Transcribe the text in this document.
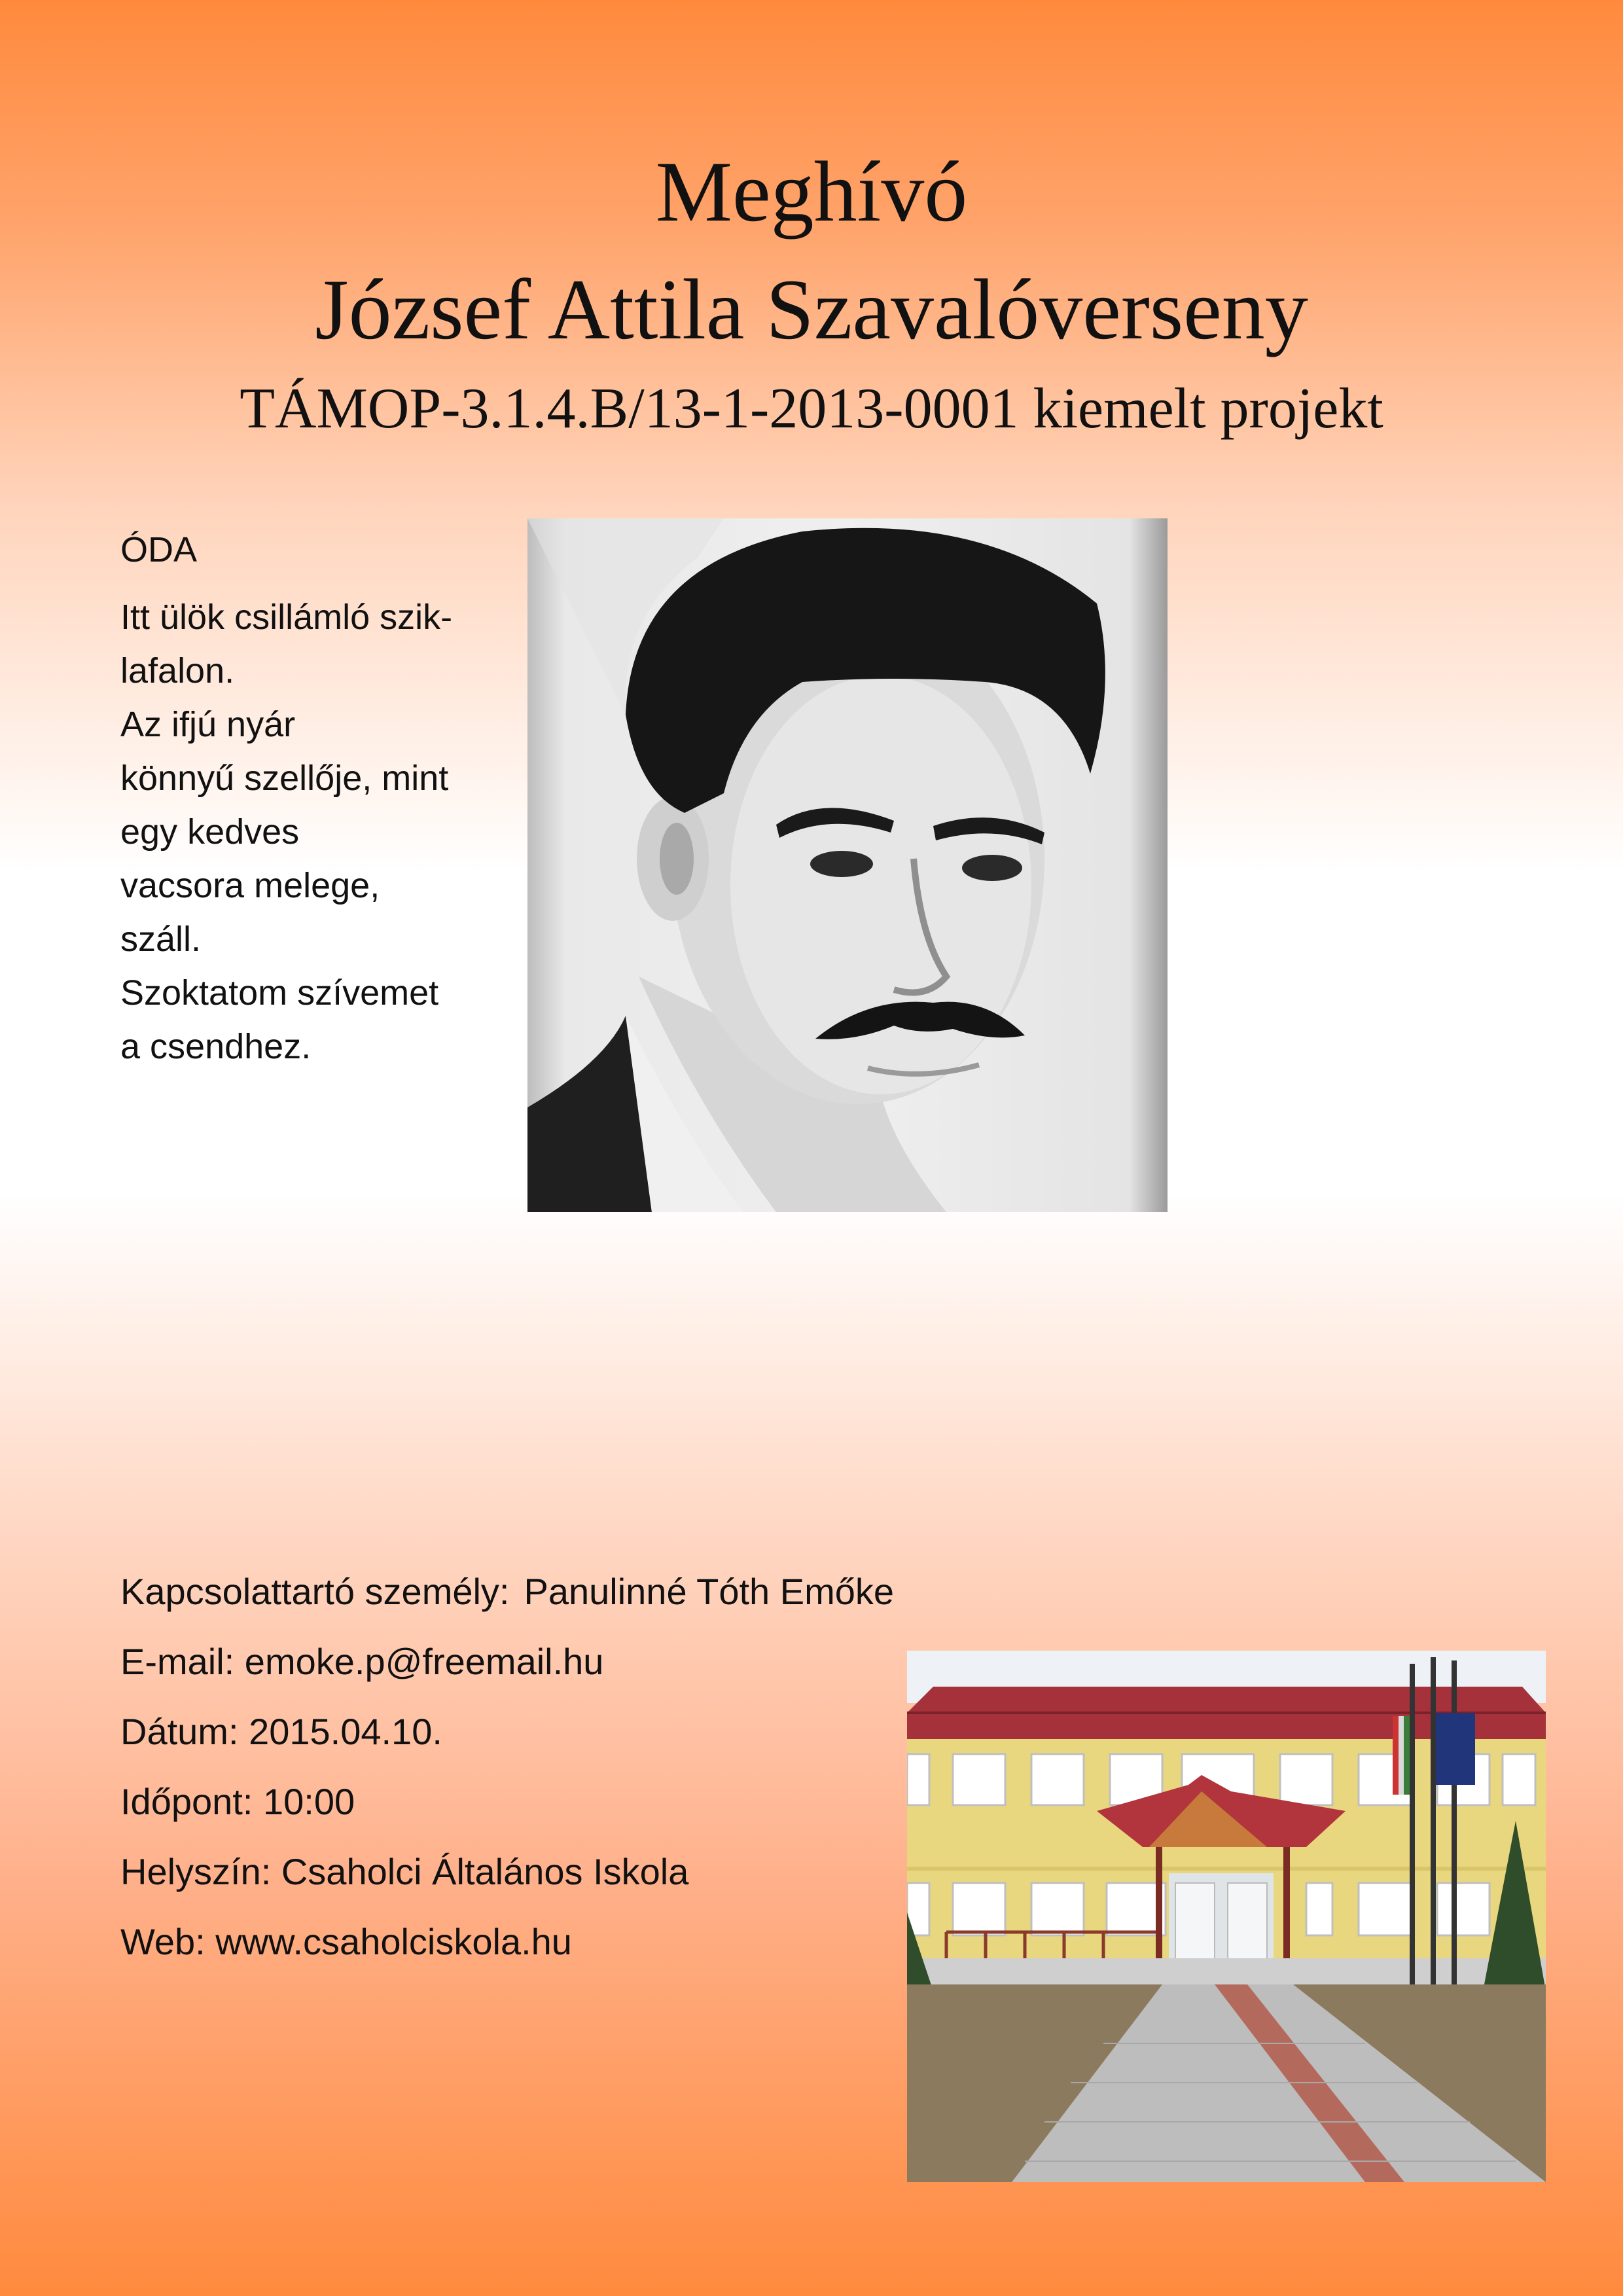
Meghívó
József Attila Szavalóverseny
TÁMOP-3.1.4.B/13-1-2013-0001 kiemelt projekt
ÓDA
Itt ülök csillámló szik-
lafalon.
Az ifjú nyár
könnyű szellője, mint
egy kedves
vacsora melege,
száll.
Szoktatom szívemet
a csendhez.
Kapcsolattartó személy: Panulinné Tóth Emőke
E-mail: emoke.p@freemail.hu
Dátum: 2015.04.10.
Időpont: 10:00
Helyszín: Csaholci Általános Iskola
Web: www.csaholciskola.hu
